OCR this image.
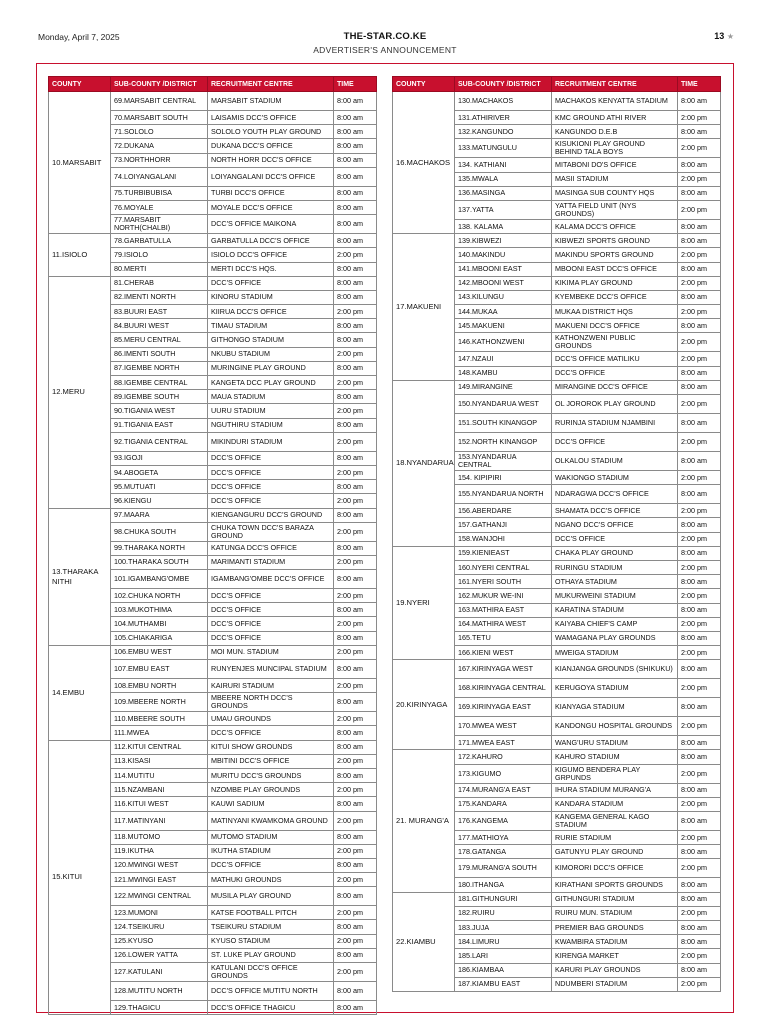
Monday, April 7, 2025	THE-STAR.CO.KE
ADVERTISER'S ANNOUNCEMENT
13 ★
COUNTY	SUB-COUNTY /DISTRICT	RECRUITMENT CENTRE	TIME
10.MARSABIT	69.MARSABIT CENTRAL	MARSABIT STADIUM	8:00 am
	70.MARSABIT SOUTH	LAISAMIS DCC'S OFFICE	8:00 am
	71.SOLOLO	SOLOLO YOUTH PLAY GROUND	8:00 am
	72.DUKANA	DUKANA DCC'S OFFICE	8:00 am
	73.NORTHHORR	NORTH HORR DCC'S OFFICE	8:00 am
	74.LOIYANGALANI	LOIYANGALANI DCC'S OFFICE	8:00 am
	75.TURBIBUBISA	TURBI DCC'S OFFICE	8:00 am
	76.MOYALE	MOYALE DCC'S OFFICE	8:00 am
	77.MARSABIT NORTH(CHALBI)	DCC'S OFFICE MAIKONA	8:00 am
11.ISIOLO	78.GARBATULLA	GARBATULLA DCC'S OFFICE	8:00 am
	79.ISIOLO	ISIOLO DCC'S OFFICE	2:00 pm
	80.MERTI	MERTI DCC'S HQS.	8:00 am
12.MERU	81.CHERAB	DCC'S OFFICE	8:00 am
	82.IMENTI NORTH	KINORU STADIUM	8:00 am
	83.BUURI EAST	KIIRUA DCC'S OFFICE	2:00 pm
	84.BUURI WEST	TIMAU STADIUM	8:00 am
	85.MERU CENTRAL	GITHONGO STADIUM	8:00 am
	86.IMENTI SOUTH	NKUBU STADIUM	2:00 pm
	87.IGEMBE NORTH	MURINGINE PLAY GROUND	8:00 am
	88.IGEMBE CENTRAL	KANGETA DCC PLAY GROUND	2:00 pm
	89.IGEMBE SOUTH	MAUA STADIUM	8:00 am
	90.TIGANIA WEST	UURU STADIUM	2:00 pm
	91.TIGANIA EAST	NGUTHIRU STADIUM	8:00 am
	92.TIGANIA CENTRAL	MIKINDURI STADIUM	2:00 pm
	93.IGOJI	DCC'S OFFICE	8:00 am
	94.ABOGETA	DCC'S OFFICE	2:00 pm
	95.MUTUATI	DCC'S OFFICE	8:00 am
	96.KIENGU	DCC'S OFFICE	2:00 pm
13.THARAKA NITHI	97.MAARA	KIENGANGURU DCC'S GROUND	8:00 am
	98.CHUKA SOUTH	CHUKA TOWN DCC'S BARAZA GROUND	2:00 pm
	99.THARAKA NORTH	KATUNGA DCC'S OFFICE	8:00 am
	100.THARAKA SOUTH	MARIMANTI STADIUM	2:00 pm
	101.IGAMBANG'OMBE	IGAMBANG'OMBE DCC'S OFFICE	8:00 am
	102.CHUKA NORTH	DCC'S OFFICE	2:00 pm
	103.MUKOTHIMA	DCC'S OFFICE	8:00 am
	104.MUTHAMBI	DCC'S OFFICE	2:00 pm
	105.CHIAKARIGA	DCC'S OFFICE	8:00 am
14.EMBU	106.EMBU WEST	MOI MUN. STADIUM	2:00 pm
	107.EMBU EAST	RUNYENJES MUNCIPAL STADIUM	8:00 am
	108.EMBU NORTH	KAIRURI STADIUM	2:00 pm
	109.MBEERE NORTH	MBEERE NORTH DCC'S GROUNDS	8:00 am
	110.MBEERE SOUTH	UMAU GROUNDS	2:00 pm
	111.MWEA	DCC'S OFFICE	8:00 am
15.KITUI	112.KITUI CENTRAL	KITUI SHOW GROUNDS	8:00 am
	113.KISASI	MBITINI DCC'S OFFICE	2:00 pm
	114.MUTITU	MURITU DCC'S GROUNDS	8:00 am
	115.NZAMBANI	NZOMBE PLAY GROUNDS	2:00 pm
	116.KITUI WEST	KAUWI SADIUM	8:00 am
	117.MATINYANI	MATINYANI KWAMKOMA GROUND	2:00 pm
	118.MUTOMO	MUTOMO STADIUM	8:00 am
	119.IKUTHA	IKUTHA STADIUM	2:00 pm
	120.MWINGI WEST	DCC'S OFFICE	8:00 am
	121.MWINGI EAST	MATHUKI GROUNDS	2:00 pm
	122.MWINGI CENTRAL	MUSILA PLAY GROUND	8:00 am
	123.MUMONI	KATSE FOOTBALL PITCH	2:00 pm
	124.TSEIKURU	TSEIKURU STADIUM	8:00 am
	125.KYUSO	KYUSO STADIUM	2:00 pm
	126.LOWER YATTA	ST. LUKE PLAY GROUND	8:00 am
	127.KATULANI	KATULANI DCC'S OFFICE GROUNDS	2:00 pm
	128.MUTITU NORTH	DCC'S OFFICE MUTITU NORTH	8:00 am
	129.THAGICU	DCC'S OFFICE THAGICU	8:00 am
COUNTY	SUB-COUNTY /DISTRICT	RECRUITMENT CENTRE	TIME
16.MACHAKOS	130.MACHAKOS	MACHAKOS KENYATTA STADIUM	8:00 am
	131.ATHIRIVER	KMC GROUND ATHI RIVER	2:00 pm
	132.KANGUNDO	KANGUNDO D.E.B	8:00 am
	133.MATUNGULU	KISUKIONI PLAY GROUND BEHIND TALA BOYS	2:00 pm
	134. KATHIANI	MITABONI DO'S OFFICE	8:00 am
	135.MWALA	MASII STADIUM	2:00 pm
	136.MASINGA	MASINGA SUB COUNTY HQS	8:00 am
	137.YATTA	YATTA FIELD UNIT (NYS GROUNDS)	2:00 pm
	138. KALAMA	KALAMA DCC'S OFFICE	8:00 am
17.MAKUENI	139.KIBWEZI	KIBWEZI SPORTS GROUND	8:00 am
	140.MAKINDU	MAKINDU SPORTS GROUND	2:00 pm
	141.MBOONI EAST	MBOONI EAST DCC'S OFFICE	8:00 am
	142.MBOONI WEST	KIKIMA PLAY GROUND	2:00 pm
	143.KILUNGU	KYEMBEKE DCC'S OFFICE	8:00 am
	144.MUKAA	MUKAA DISTRICT HQS	2:00 pm
	145.MAKUENI	MAKUENI DCC'S OFFICE	8:00 am
	146.KATHONZWENI	KATHONZWENI PUBLIC GROUNDS	2:00 pm
	147.NZAUI	DCC'S OFFICE MATILIKU	2:00 pm
	148.KAMBU	DCC'S OFFICE	8:00 am
18.NYANDARUA	149.MIRANGINE	MIRANGINE DCC'S OFFICE	8:00 am
	150.NYANDARUA WEST	OL JOROROK PLAY GROUND	2:00 pm
	151.SOUTH KINANGOP	RURINJA STADIUM NJAMBINI	8:00 am
	152.NORTH KINANGOP	DCC'S OFFICE	2:00 pm
	153.NYANDARUA CENTRAL	OLKALOU STADIUM	8:00 am
	154. KIPIPIRI	WAKIONGO STADIUM	2:00 pm
	155.NYANDARUA NORTH	NDARAGWA DCC'S OFFICE	8:00 am
	156.ABERDARE	SHAMATA DCC'S OFFICE	2:00 pm
	157.GATHANJI	NGANO DCC'S OFFICE	8:00 am
	158.WANJOHI	DCC'S OFFICE	2:00 pm
19.NYERI	159.KIENIEAST	CHAKA PLAY GROUND	8:00 am
	160.NYERI CENTRAL	RURINGU STADIUM	2:00 pm
	161.NYERI SOUTH	OTHAYA STADIUM	8:00 am
	162.MUKUR WE-INI	MUKURWEINI STADIUM	2:00 pm
	163.MATHIRA EAST	KARATINA STADIUM	8:00 am
	164.MATHIRA WEST	KAIYABA CHIEF'S CAMP	2:00 pm
	165.TETU	WAMAGANA PLAY GROUNDS	8:00 am
	166.KIENI WEST	MWEIGA STADIUM	2:00 pm
20.KIRINYAGA	167.KIRINYAGA WEST	KIANJANGA GROUNDS (SHIKUKU)	8:00 am
	168.KIRINYAGA CENTRAL	KERUGOYA STADIUM	2:00 pm
	169.KIRINYAGA EAST	KIANYAGA STADIUM	8:00 am
	170.MWEA WEST	KANDONGU HOSPITAL GROUNDS	2:00 pm
	171.MWEA EAST	WANG'URU STADIUM	8:00 am
21. MURANG'A	172.KAHURO	KAHURO STADIUM	8:00 am
	173.KIGUMO	KIGUMO BENDERA PLAY GRPUNDS	2:00 pm
	174.MURANG'A EAST	IHURA STADIUM MURANG'A	8:00 am
	175.KANDARA	KANDARA STADIUM	2:00 pm
	176.KANGEMA	KANGEMA GENERAL KAGO STADIUM	8:00 am
	177.MATHIOYA	RURIE STADIUM	2:00 pm
	178.GATANGA	GATUNYU PLAY GROUND	8:00 am
	179.MURANG'A SOUTH	KIMORORI DCC'S OFFICE	2:00 pm
	180.ITHANGA	KIRATHANI SPORTS GROUNDS	8:00 am
22.KIAMBU	181.GITHUNGURI	GITHUNGURI STADIUM	8:00 am
	182.RUIRU	RUIRU MUN. STADIUM	2:00 pm
	183.JUJA	PREMIER BAG GROUNDS	8:00 am
	184.LIMURU	KWAMBIRA STADIUM	8:00 am
	185.LARI	KIRENGA MARKET	2:00 pm
	186.KIAMBAA	KARURI PLAY GROUNDS	8:00 am
	187.KIAMBU EAST	NDUMBERI STADIUM	2:00 pm
